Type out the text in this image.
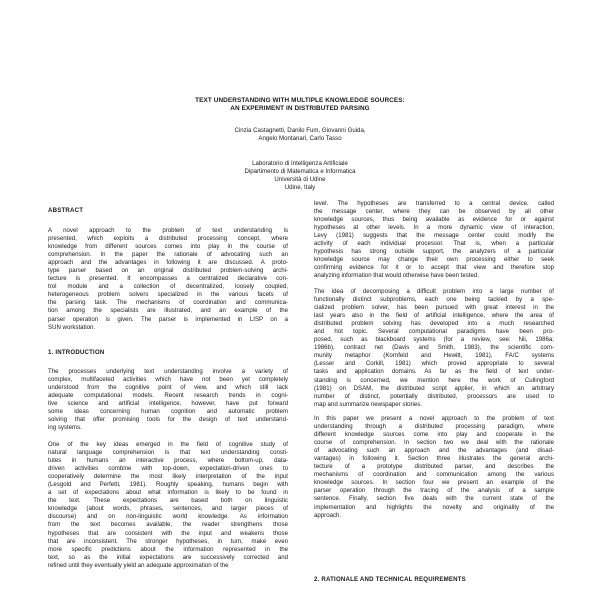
TEXT UNDERSTANDING WITH MULTIPLE KNOWLEDGE SOURCES:
AN EXPERIMENT IN DISTRIBUTED PARSING
Cinzia Castagnetti, Danilo Fum, Giovanni Guida,
Angelo Montanari, Carlo Tasso
Laboratorio di Intelligenza Artificiale
Dipartimento di Matematica e Informatica
Università di Udine
Udine, Italy
ABSTRACT
A novel approach to the problem of text understanding is
presented, which exploits a distributed processing concept, where
knowledge from different sources comes into play in the course of
comprehension. In the paper the rationale of advocating such an
approach and the advantages in following it are discussed. A proto-
type parser based on an original distributed problem-solving archi-
tecture is presented. It encompasses a centralized declarative con-
trol module and a collection of decentralized, loosely coupled,
heterogeneous problem solvers specialized in the various facets of
the parsing task. The mechanisms of coordination and communica-
tion among the specialists are illustrated, and an example of the
parser operation is given. The parser is implemented in LISP on a
SUN workstation.
1. INTRODUCTION
The processes underlying text understanding involve a variety of
complex, multifaceted activities which have not been yet completely
understood from the cognitive point of view, and which still lack
adequate computational models. Recent research trends in cogni-
tive science and artificial intelligence, however, have put forward
some ideas concerning human cognition and automatic problem
solving that offer promising tools for the design of text understand-
ing systems.
One of the key ideas emerged in the field of cognitive study of
natural language comprehension is that text understanding consti-
tutes in humans an interactive process, where bottom-up, data-
driven activities combine with top-down, expectation-driven ones to
cooperatively determine the most likely interpretation of the input
(Lesgold and Perfetti, 1981). Roughly speaking, humans begin with
a set of expectations about what information is likely to be found in
the text. These expectations are based both on linguistic
knowledge (about words, phrases, sentences, and larger pieces of
discourse) and on non-linguistic world knowledge. As information
from the text becomes available, the reader strengthens those
hypotheses that are consistent with the input and weakens those
that are inconsistent. The stronger hypotheses, in turn, make even
more specific predictions about the information represented in the
text, so as the initial expectations are successively corrected and
refined until they eventually yield an adequate approximation of the
level. The hypotheses are transferred to a central device, called
the message center, where they can be observed by all other
knowledge sources, thus being available as evidence for or against
hypotheses at other levels. In a more dynamic view of interaction,
Levy (1981) suggests that the message center could modify the
activity of each individual processor. That is, when a particular
hypothesis has strong outside support, the analyzers of a particular
knowledge source may change their own processing either to seek
confirming evidence for it or to accept that view and therefore stop
analyzing information that would otherwise have been tested.
The idea of decomposing a difficult problem into a large number of
functionally distinct subproblems, each one being tackled by a spe-
cialized problem solver, has been pursued with great interest in the
last years also in the field of artificial intelligence, where the area of
distributed problem solving has developed into a much researched
and hot topic. Several computational paradigms have been pro-
posed, such as blackboard systems (for a review, see: Nii, 1986a;
1986b), contract net (Davis and Smith, 1983), the scientific com-
munity metaphor (Kornfeld and Hewitt, 1981), FA/C systems
(Lesser and Corkill, 1981) which proved appropriate to several
tasks and application domains. As far as the field of text under-
standing is concerned, we mention here the work of Cullingford
(1981) on DSAM, the distributed script applier, in which an arbitrary
number of distinct, potentially distributed, processors are used to
map and summarize newspaper stories.
In this paper we present a novel approach to the problem of text
understanding through a distributed processing paradigm, where
different knowledge sources come into play and cooperate in the
course of comprehension. In section two we deal with the rationale
of advocating such an approach and the advantages (and disad-
vantages) in following it. Section three illustrates the general archi-
tecture of a prototype distributed parser, and describes the
mechanisms of coordination and communication among the various
knowledge sources. In section four we present an example of the
parser operation through the tracing of the analysis of a sample
sentence. Finally, section five deals with the current state of the
implementation and highlights the novelty and originality of the
approach.
2. RATIONALE AND TECHNICAL REQUIREMENTS
